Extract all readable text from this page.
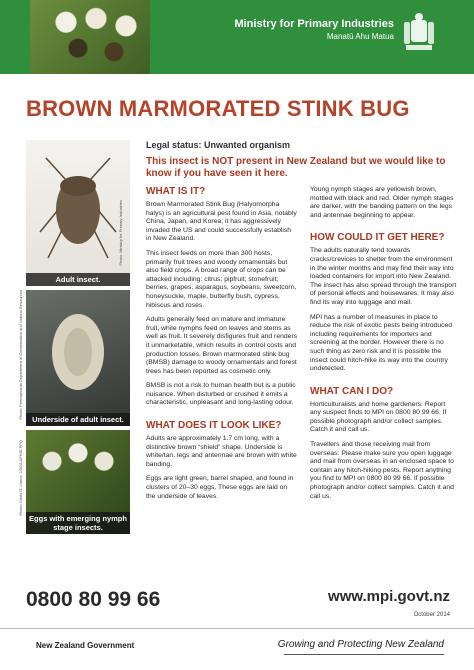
Ministry for Primary Industries
Manatū Ahu Matua
BROWN MARMORATED STINK BUG
Adult insect.
Underside of adult insect.
Eggs with emerging nymph stage insects.
Photo: Ministry for Primary Industries
Photo: Pennsylvania Department of Conservation and Natural Resources
Photo: David R. Lance, USDA APHIS PPQ
Legal status: Unwanted organism
This insect is NOT present in New Zealand but we would like to know if you have seen it here.
WHAT IS IT?

Brown Marmorated Stink Bug (Halyomorpha halys) is an agricultural pest found in Asia, notably China, Japan, and Korea; it has aggressively invaded the US and could successfully establish in New Zealand.

This insect feeds on more than 300 hosts, primarily fruit trees and woody ornamentals but also field crops. A broad range of crops can be attacked including: citrus; pipfruit; stonefruit; berries, grapes, asparagus, soybeans, sweetcorn, honeysuckle, maple, butterfly bush, cypress, hibiscus and roses.

Adults generally feed on mature and immature fruit, while nymphs feed on leaves and stems as well as fruit. It severely disfigures fruit and renders it unmarketable, which results in control costs and production losses. Brown marmorated stink bug (BMSB) damage to woody ornamentals and forest trees has been reported as cosmetic only.

BMSB is not a risk to human health but is a public nuisance. When disturbed or crushed it emits a characteristic, unpleasant and long-lasting odour.

WHAT DOES IT LOOK LIKE?

Adults are approximately 1.7 cm long, with a distinctive brown “shield” shape. Underside is white/tan, legs and antennae are brown with white banding.

Eggs are light green, barrel shaped, and found in clusters of 20–30 eggs. These eggs are laid on the underside of leaves.

Young nymph stages are yellowish brown, mottled with black and red. Older nymph stages are darker, with the banding pattern on the legs and antennae beginning to appear.

HOW COULD IT GET HERE?

The adults naturally tend towards cracks/crevices to shelter from the environment in the winter months and may find their way into loaded containers for import into New Zealand. The insect has also spread through the transport of personal effects and housewares. It may also find its way into luggage and mail.

MPI has a number of measures in place to reduce the risk of exotic pests being introduced including requirements for importers and screening at the border. However there is no such thing as zero risk and it is possible the insect could hitch-hike its way into the country undetected.

WHAT CAN I DO?

Horticulturalists and home gardeners: Report any suspect finds to MPI on 0800 80 99 66. If possible photograph and/or collect samples. Catch it and call us.

Travellers and those receiving mail from overseas: Please make sure you open luggage and mail from overseas in an enclosed space to contain any hitch-hiking pests. Report anything you find to MPI on 0800 80 99 66. If possible photograph and/or collect samples. Catch it and call us.

0800 80 99 66	www.mpi.govt.nz
October 2014
New Zealand Government	Growing and Protecting New Zealand
